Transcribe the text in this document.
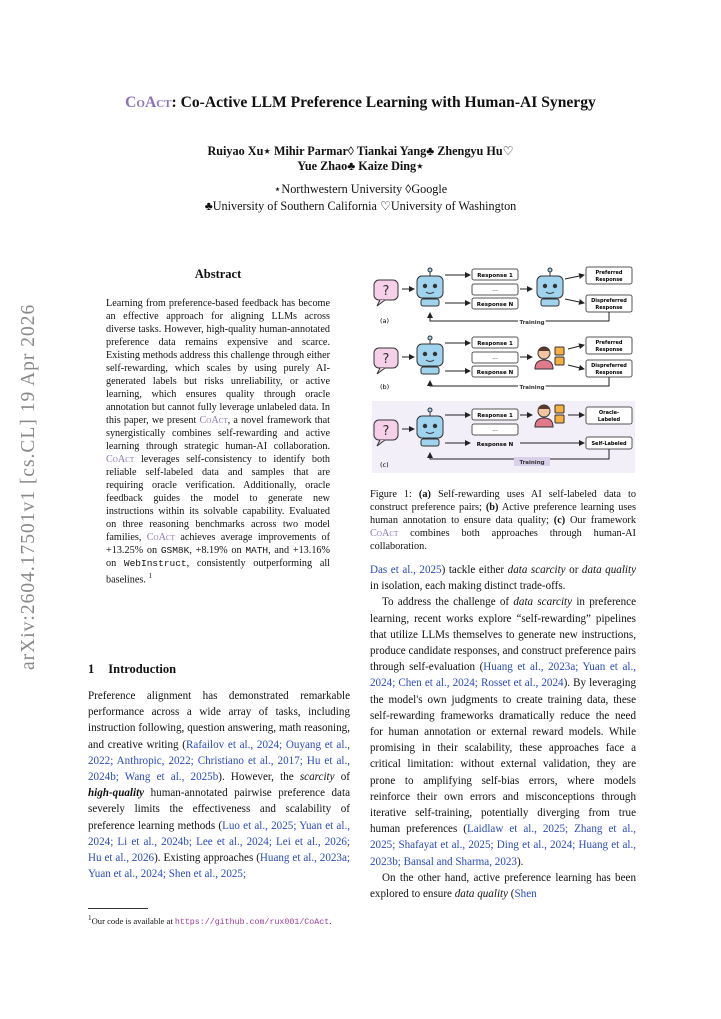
arXiv:2604.17501v1 [cs.CL] 19 Apr 2026
CoAct: Co-Active LLM Preference Learning with Human-AI Synergy
Ruiyao Xu⋆ Mihir Parmar◊ Tiankai Yang♣ Zhengyu Hu♡
Yue Zhao♣ Kaize Ding⋆
⋆Northwestern University ◊Google
♣University of Southern California ♡University of Washington
Abstract
Learning from preference-based feedback has become an effective approach for aligning LLMs across diverse tasks. However, high-quality human-annotated preference data remains expensive and scarce. Existing methods address this challenge through either self-rewarding, which scales by using purely AI-generated labels but risks unreliability, or active learning, which ensures quality through oracle annotation but cannot fully leverage unlabeled data. In this paper, we present CoAct, a novel framework that synergistically combines self-rewarding and active learning through strategic human-AI collaboration. CoAct leverages self-consistency to identify both reliable self-labeled data and samples that are requiring oracle verification. Additionally, oracle feedback guides the model to generate new instructions within its solvable capability. Evaluated on three reasoning benchmarks across two model families, CoAct achieves average improvements of +13.25% on GSM8K, +8.19% on MATH, and +13.16% on WebInstruct, consistently outperforming all baselines. $^1$
1 Introduction
Preference alignment has demonstrated remarkable performance across a wide array of tasks, including instruction following, question answering, math reasoning, and creative writing (Rafailov et al., 2024; Ouyang et al., 2022; Anthropic, 2022; Christiano et al., 2017; Hu et al., 2024b; Wang et al., 2025b). However, the scarcity of high-quality human-annotated pairwise preference data severely limits the effectiveness and scalability of preference learning methods (Luo et al., 2025; Yuan et al., 2024; Li et al., 2024b; Lee et al., 2024; Lei et al., 2026; Hu et al., 2026). Existing approaches (Huang et al., 2023a; Yuan et al., 2024; Shen et al., 2025;
$^1$Our code is available at https://github.com/rux001/CoAct.
?
Response 1
...
Response N
Preferred
Response
Dispreferred
Response
Training
(a)
Response 1
...
Response N
Preferred
Response
Dispreferred
Response
Training
(b)
Response 1
...
Response N
Oracle-
Labeled
Self-Labeled
Training
(c)
Figure 1: (a) Self-rewarding uses AI self-labeled data to construct preference pairs; (b) Active preference learning uses human annotation to ensure data quality; (c) Our framework CoAct combines both approaches through human-AI collaboration.

Das et al., 2025) tackle either data scarcity or data quality in isolation, each making distinct trade-offs.

To address the challenge of data scarcity in preference learning, recent works explore “self-rewarding” pipelines that utilize LLMs themselves to generate new instructions, produce candidate responses, and construct preference pairs through self-evaluation (Huang et al., 2023a; Yuan et al., 2024; Chen et al., 2024; Rosset et al., 2024). By leveraging the model's own judgments to create training data, these self-rewarding frameworks dramatically reduce the need for human annotation or external reward models. While promising in their scalability, these approaches face a critical limitation: without external validation, they are prone to amplifying self-bias errors, where models reinforce their own errors and misconceptions through iterative self-training, potentially diverging from true human preferences (Laidlaw et al., 2025; Zhang et al., 2025; Shafayat et al., 2025; Ding et al., 2024; Huang et al., 2023b; Bansal and Sharma, 2023).

On the other hand, active preference learning has been explored to ensure data quality (Shen
